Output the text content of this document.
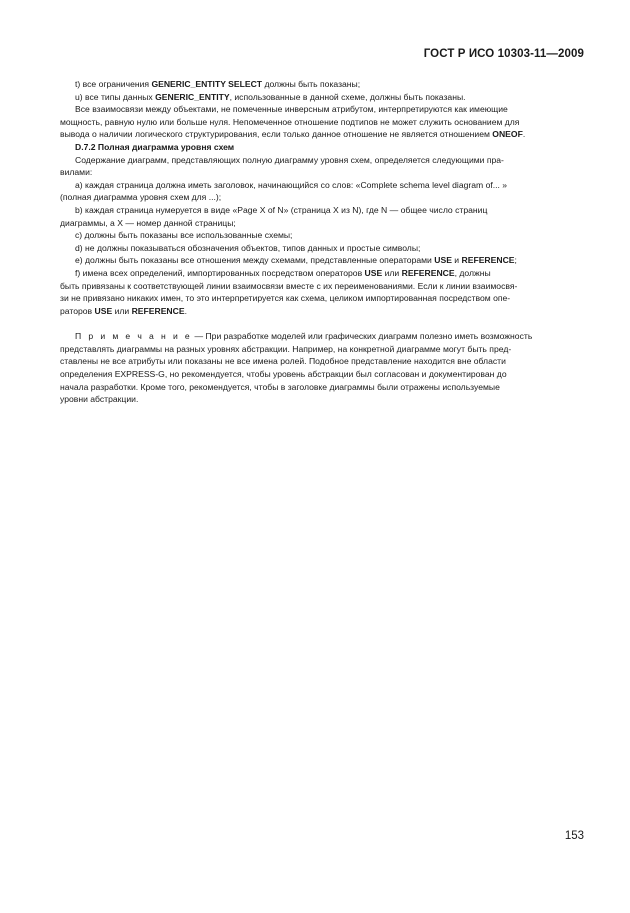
ГОСТ Р ИСО 10303-11—2009

t) все ограничения GENERIC_ENTITY SELECT должны быть показаны;

u) все типы данных GENERIC_ENTITY, использованные в данной схеме, должны быть показаны.

Все взаимосвязи между объектами, не помеченные инверсным атрибутом, интерпретируются как имеющие

мощность, равную нулю или больше нуля. Непомеченное отношение подтипов не может служить основанием для

вывода о наличии логического структурирования, если только данное отношение не является отношением ONEOF.

D.7.2 Полная диаграмма уровня схем

Содержание диаграмм, представляющих полную диаграмму уровня схем, определяется следующими пра-

вилами:

a) каждая страница должна иметь заголовок, начинающийся со слов: «Complete schema level diagram of... »

(полная диаграмма уровня схем для ...);

b) каждая страница нумеруется в виде «Page X of N» (страница X из N), где N — общее число страниц

диаграммы, а X — номер данной страницы;

c) должны быть показаны все использованные схемы;

d) не должны показываться обозначения объектов, типов данных и простые символы;

e) должны быть показаны все отношения между схемами, представленные операторами USE и REFERENCE;

f) имена всех определений, импортированных посредством операторов USE или REFERENCE, должны

быть привязаны к соответствующей линии взаимосвязи вместе с их переименованиями. Если к линии взаимосвя-

зи не привязано никаких имен, то это интерпретируется как схема, целиком импортированная посредством опе-

раторов USE или REFERENCE.

П р и м е ч а н и е — При разработке моделей или графических диаграмм полезно иметь возможность

представлять диаграммы на разных уровнях абстракции. Например, на конкретной диаграмме могут быть пред-

ставлены не все атрибуты или показаны не все имена ролей. Подобное представление находится вне области

определения EXPRESS-G, но рекомендуется, чтобы уровень абстракции был согласован и документирован до

начала разработки. Кроме того, рекомендуется, чтобы в заголовке диаграммы были отражены используемые

уровни абстракции.

153
